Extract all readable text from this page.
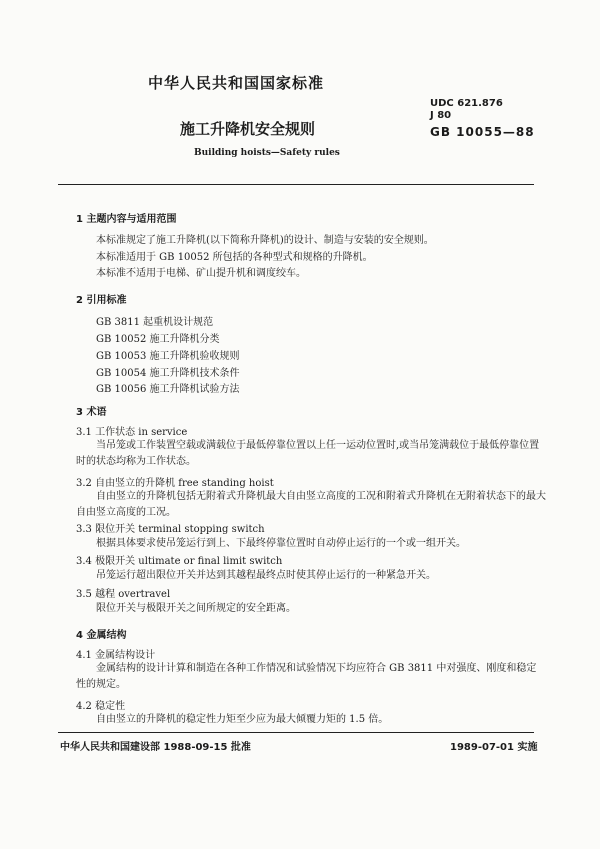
中华人民共和国国家标准
UDC 621.876
J 80
施工升降机安全规则	GB 10055—88
Building hoists—Safety rules
1 主题内容与适用范围
本标准规定了施工升降机(以下简称升降机)的设计、制造与安装的安全规则。
本标准适用于 GB 10052 所包括的各种型式和规格的升降机。
本标准不适用于电梯、矿山提升机和调度绞车。
2 引用标准
GB 3811 起重机设计规范
GB 10052 施工升降机分类
GB 10053 施工升降机验收规则
GB 10054 施工升降机技术条件
GB 10056 施工升降机试验方法
3 术语
3.1 工作状态 in service
当吊笼或工作装置空载或满载位于最低停靠位置以上任一运动位置时,或当吊笼满载位于最低停靠位置时的状态均称为工作状态。
3.2 自由竖立的升降机 free standing hoist
自由竖立的升降机包括无附着式升降机最大自由竖立高度的工况和附着式升降机在无附着状态下的最大自由竖立高度的工况。
3.3 限位开关 terminal stopping switch
根据具体要求使吊笼运行到上、下最终停靠位置时自动停止运行的一个或一组开关。
3.4 极限开关 ultimate or final limit switch
吊笼运行超出限位开关并达到其越程最终点时使其停止运行的一种紧急开关。
3.5 越程 overtravel
限位开关与极限开关之间所规定的安全距离。
4 金属结构
4.1 金属结构设计
金属结构的设计计算和制造在各种工作情况和试验情况下均应符合 GB 3811 中对强度、刚度和稳定性的规定。
4.2 稳定性
自由竖立的升降机的稳定性力矩至少应为最大倾覆力矩的 1.5 倍。
中华人民共和国建设部 1988-09-15 批准	1989-07-01 实施
